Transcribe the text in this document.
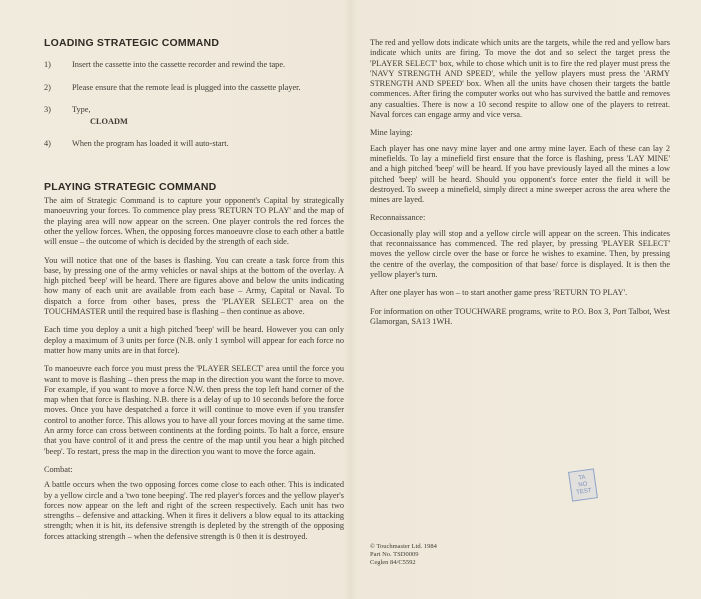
LOADING STRATEGIC COMMAND
1)	Insert the cassette into the cassette recorder and rewind the tape.
2)	Please ensure that the remote lead is plugged into the cassette player.
3)	Type,
CLOADM
4)	When the program has loaded it will auto-start.
PLAYING STRATEGIC COMMAND

The aim of Strategic Command is to capture your opponent's Capital by strategically manoeuvring your forces. To commence play press 'RETURN TO PLAY' and the map of the playing area will now appear on the screen. One player controls the red forces the other the yellow forces. When, the opposing forces manoeuvre close to each other a battle will ensue – the outcome of which is decided by the strength of each side.

You will notice that one of the bases is flashing. You can create a task force from this base, by pressing one of the army vehicles or naval ships at the bottom of the overlay. A high pitched 'beep' will be heard. There are figures above and below the units indicating how many of each unit are available from each base – Army, Capital or Naval. To dispatch a force from other bases, press the 'PLAYER SELECT' area on the TOUCHMASTER until the required base is flashing – then continue as above.

Each time you deploy a unit a high pitched 'beep' will be heard. However you can only deploy a maximum of 3 units per force (N.B. only 1 symbol will appear for each force no matter how many units are in that force).

To manoeuvre each force you must press the 'PLAYER SELECT' area until the force you want to move is flashing – then press the map in the direction you want the force to move. For example, if you want to move a force N.W. then press the top left hand corner of the map when that force is flashing. N.B. there is a delay of up to 10 seconds before the force moves. Once you have despatched a force it will continue to move even if you transfer control to another force. This allows you to have all your forces moving at the same time. An army force can cross between continents at the fording points. To halt a force, ensure that you have control of it and press the centre of the map until you hear a high pitched 'beep'. To restart, press the map in the direction you want to move the force again.

Combat:

A battle occurs when the two opposing forces come close to each other. This is indicated by a yellow circle and a 'two tone beeping'. The red player's forces and the yellow player's forces now appear on the left and right of the screen respectively. Each unit has two strengths – defensive and attacking. When it fires it delivers a blow equal to its attacking strength; when it is hit, its defensive strength is depleted by the strength of the opposing forces attacking strength – when the defensive strength is 0 then it is destroyed.

The red and yellow dots indicate which units are the targets, while the red and yellow bars indicate which units are firing. To move the dot and so select the target press the 'PLAYER SELECT' box, while to chose which unit is to fire the red player must press the 'NAVY STRENGTH AND SPEED', while the yellow players must press the 'ARMY STRENGTH AND SPEED' box. When all the units have chosen their targets the battle commences. After firing the computer works out who has survived the battle and removes any casualties. There is now a 10 second respite to allow one of the players to retreat. Naval forces can engage army and vice versa.

Mine laying:

Each player has one navy mine layer and one army mine layer. Each of these can lay 2 minefields. To lay a minefield first ensure that the force is flashing, press 'LAY MINE' and a high pitched 'beep' will be heard. If you have previously layed all the mines a low pitched 'beep' will be heard. Should you opponent's force enter the field it will be destroyed. To sweep a minefield, simply direct a mine sweeper across the area where the mines are layed.

Reconnaissance:

Occasionally play will stop and a yellow circle will appear on the screen. This indicates that reconnaissance has commenced. The red player, by pressing 'PLAYER SELECT' moves the yellow circle over the base or force he wishes to examine. Then, by pressing the centre of the overlay, the composition of that base/ force is displayed. It is then the yellow player's turn.

After one player has won – to start another game press 'RETURN TO PLAY'.

For information on other TOUCHWARE programs, write to P.O. Box 3, Port Talbot, West Glamorgan, SA13 1WH.

TA
NO
TEST
© Touchmaster Ltd. 1984
Part No. TSD0009
Ceglen 84/C5592
